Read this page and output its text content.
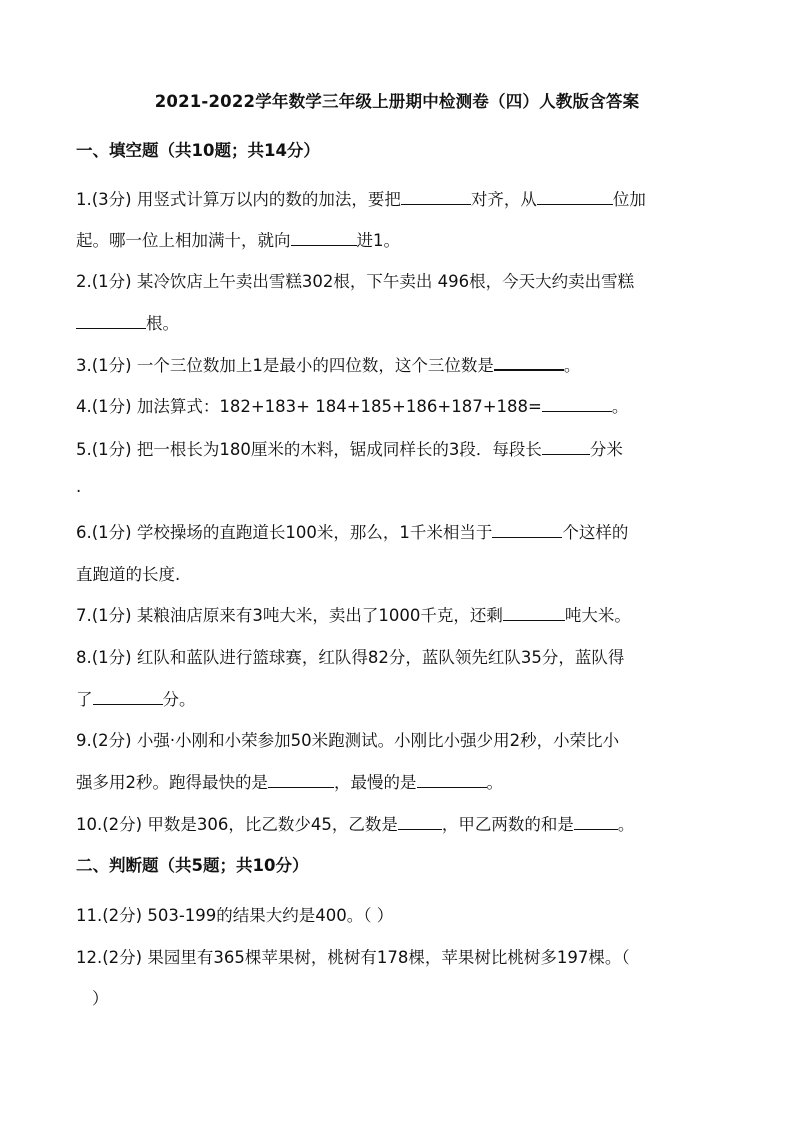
2021-2022学年数学三年级上册期中检测卷（四）人教版含答案
一、填空题（共10题；共14分）
1.(3分) 用竖式计算万以内的数的加法，要把	对齐，从	位加
起。哪一位上相加满十，就向	进1。
2.(1分) 某冷饮店上午卖出雪糕302根，下午卖出 496根，今天大约卖出雪糕
根。
3.(1分) 一个三位数加上1是最小的四位数，这个三位数是	。
4.(1分) 加法算式：182+183+ 184+185+186+187+188=	。
5.(1分) 把一根长为180厘米的木料，锯成同样长的3段．每段长	分米
.
6.(1分) 学校操场的直跑道长100米，那么，1千米相当于	个这样的
直跑道的长度.
7.(1分) 某粮油店原来有3吨大米，卖出了1000千克，还剩	吨大米。
8.(1分) 红队和蓝队进行篮球赛，红队得82分，蓝队领先红队35分，蓝队得
了	分。
9.(2分) 小强·小刚和小荣参加50米跑测试。小刚比小强少用2秒，小荣比小
强多用2秒。跑得最快的是	，最慢的是	。
10.(2分) 甲数是306，比乙数少45，乙数是	，甲乙两数的和是	。
二、判断题（共5题；共10分）
11.(2分) 503-199的结果大约是400。（ ）
12.(2分) 果园里有365棵苹果树，桃树有178棵，苹果树比桃树多197棵。（
）
